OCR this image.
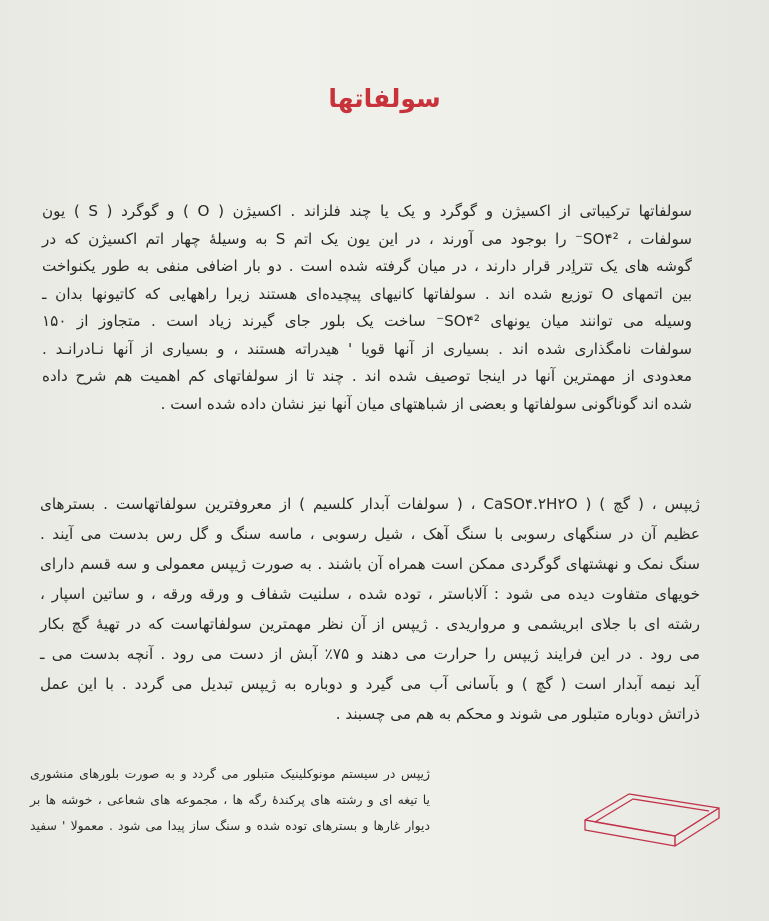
سولفاتها
سولفاتها ترکیباتی از اکسیژن و گوگرد و یک یا چند فلزاند . اکسیژن ( O ) و گوگرد ( S ) یون
سولفات ، SO۴²⁻ را بوجود می آورند ، در این یون یک اتم S به وسیلهٔ چهار اتم اکسیژن که در
گوشه های یک تتراِدر قرار دارند ، در میان گرفته شده است . دو بار اضافی منفی به طور یکنواخت
بین اتمهای O توزیع شده اند . سولفاتها کانیهای پیچیده‌ای هستند زیرا راههایی که کاتیونها بدان ـ
وسیله می توانند میان یونهای SO۴²⁻ ساخت یک بلور جای گیرند زیاد است . متجاوز از ۱۵۰
سولفات نامگذاری شده اند . بسیاری از آنها قویا ' هیدراته هستند ، و بسیاری از آنها نـادرانـد .
معدودی از مهمترین آنها در اینجا توصیف شده اند . چند تا از سولفاتهای کم اهمیت هم شرح داده
شده اند گوناگونی سولفاتها و بعضی از شباهتهای میان آنها نیز نشان داده شده است .
ژیپس ، ( گچ ) ( CaSO۴.۲H۲O ، ( سولفات آبدار کلسیم ) از معروفترین سولفاتهاست . بسترهای
عظیم آن در سنگهای رسوبی با سنگ آهک ، شیل رسوبی ، ماسه سنگ و گل رس بدست می آیند .
سنگ نمک و نهشتهای گوگردی ممکن است همراه آن باشند . به صورت ژیپس معمولی و سه قسم دارای
خویهای متفاوت دیده می شود : آلاباستر ، توده شده ، سلنیت شفاف و ورقه ورقه ، و ساتین اسپار ،
رشته ای با جلای ابریشمی و مرواریدی . ژیپس از آن نظر مهمترین سولفاتهاست که در تهیهٔ گچ بکار
می رود . در این فرایند ژیپس را حرارت می دهند و ۷۵٪ آبش از دست می رود . آنچه بدست می ـ
آید نیمه آبدار است ( گچ ) و بآسانی آب می گیرد و دوباره به ژیپس تبدیل می گردد . با این عمل
ذراتش دوباره متبلور می شوند و محکم به هم می چسبند .
ژیپس در سیستم مونوکلینیک متبلور می گردد و به صورت بلورهای منشوری
یا تیغه ای و رشته های پرکندهٔ رگه ها ، مجموعه های شعاعی ، خوشه ها بر
دیوار غارها و بسترهای توده شده و سنگ ساز پیدا می شود . معمولا ' سفید
